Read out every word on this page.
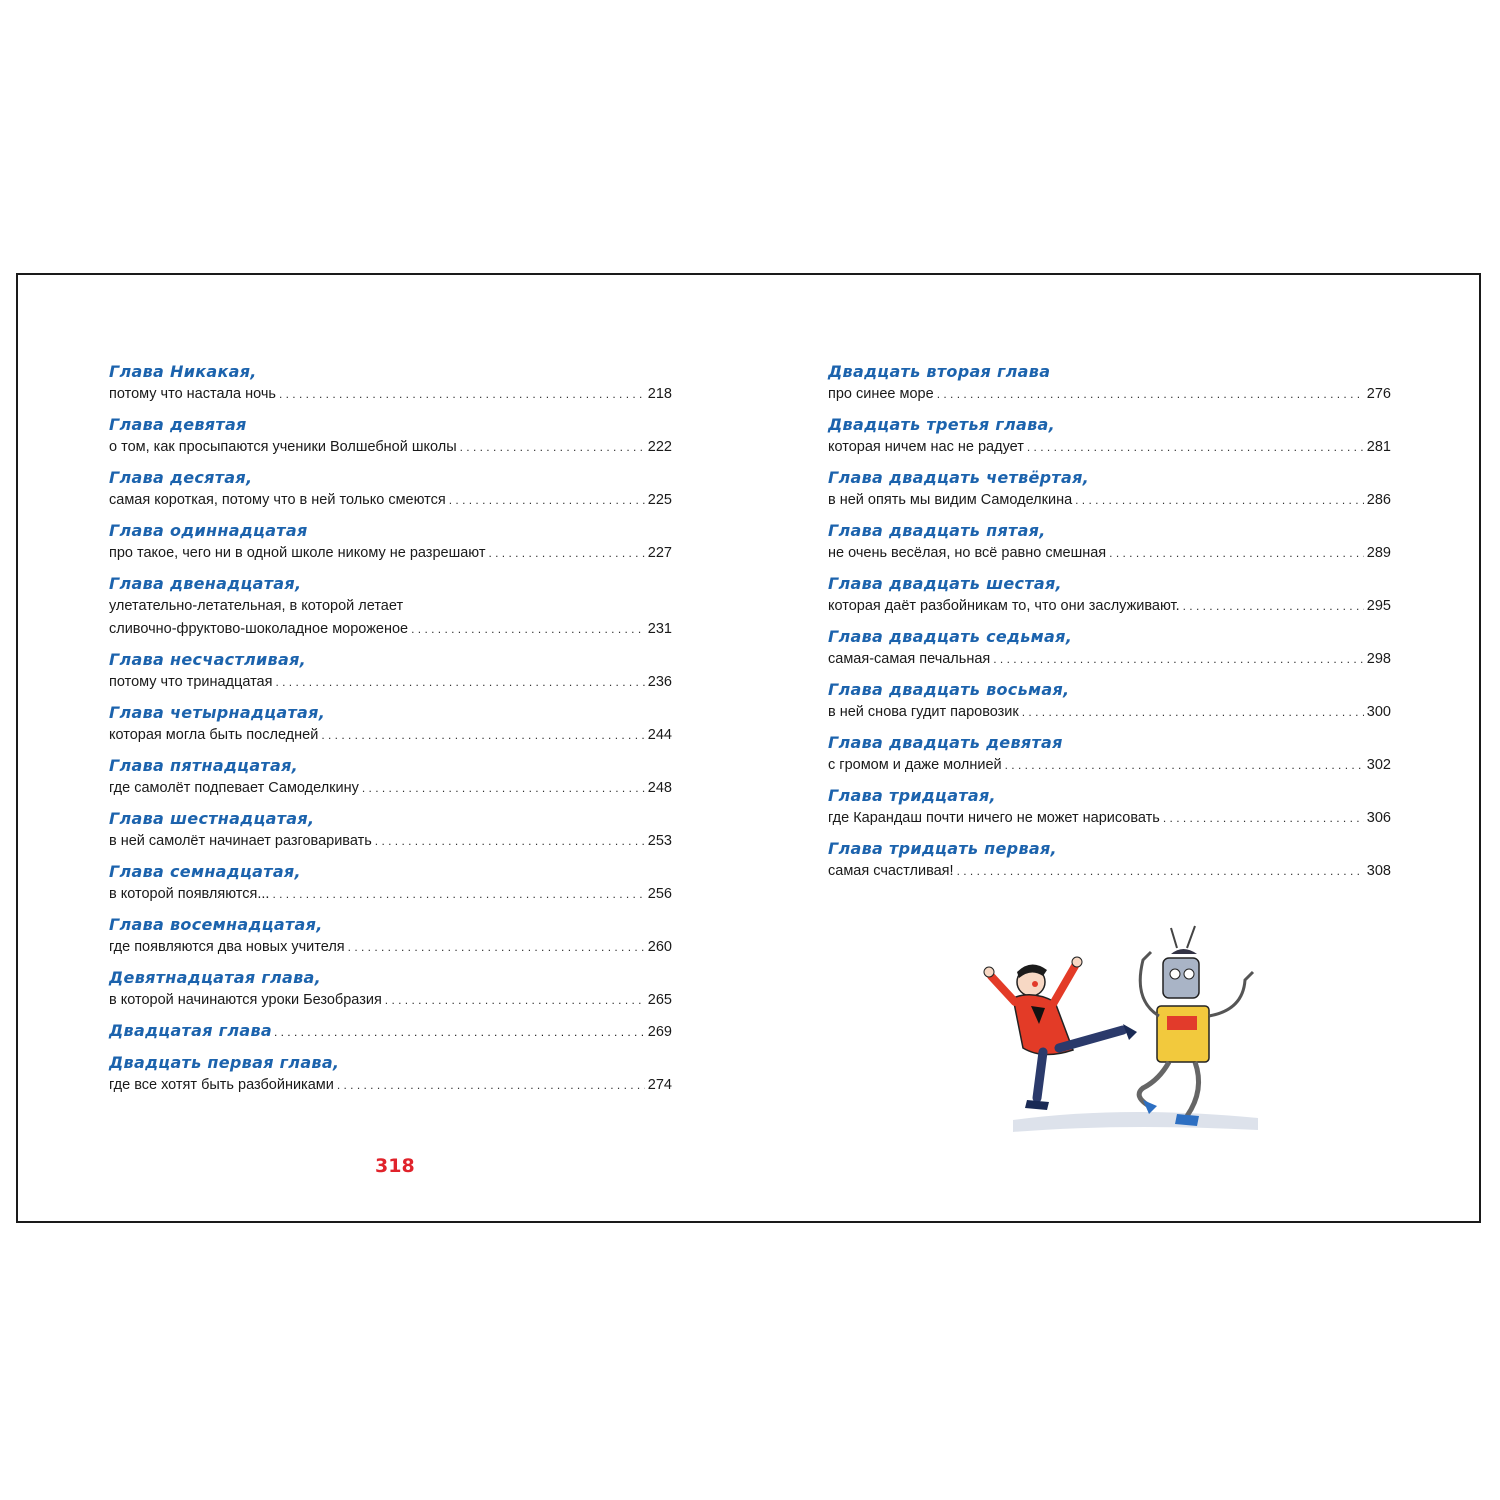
Глава Никакая,
потому что настала ночь . . .	218
Глава девятая
о том, как просыпаются ученики Волшебной школы . . .	222
Глава десятая,
самая короткая, потому что в ней только смеются . . .	225
Глава одиннадцатая
про такое, чего ни в одной школе никому не разрешают . . .	227
Глава двенадцатая,
улетательно-летательная, в которой летает
сливочно-фруктово-шоколадное мороженое . . .	231
Глава несчастливая,
потому что тринадцатая . . .	236
Глава четырнадцатая,
которая могла быть последней . . .	244
Глава пятнадцатая,
где самолёт подпевает Самоделкину . . .	248
Глава шестнадцатая,
в ней самолёт начинает разговаривать . . .	253
Глава семнадцатая,
в которой появляются... . . .	256
Глава восемнадцатая,
где появляются два новых учителя . . .	260
Девятнадцатая глава,
в которой начинаются уроки Безобразия . . .	265
Двадцатая глава . . .	269
Двадцать первая глава,
где все хотят быть разбойниками . . .	274
Двадцать вторая глава
про синее море . . .	276
Двадцать третья глава,
которая ничем нас не радует . . .	281
Глава двадцать четвёртая,
в ней опять мы видим Самоделкина . . .	286
Глава двадцать пятая,
не очень весёлая, но всё равно смешная . . .	289
Глава двадцать шестая,
которая даёт разбойникам то, что они заслуживают. . . .	295
Глава двадцать седьмая,
самая-самая печальная . . .	298
Глава двадцать восьмая,
в ней снова гудит паровозик . . .	300
Глава двадцать девятая
с громом и даже молнией . . .	302
Глава тридцатая,
где Карандаш почти ничего не может нарисовать . . .	306
Глава тридцать первая,
самая счастливая! . . .	308
318
